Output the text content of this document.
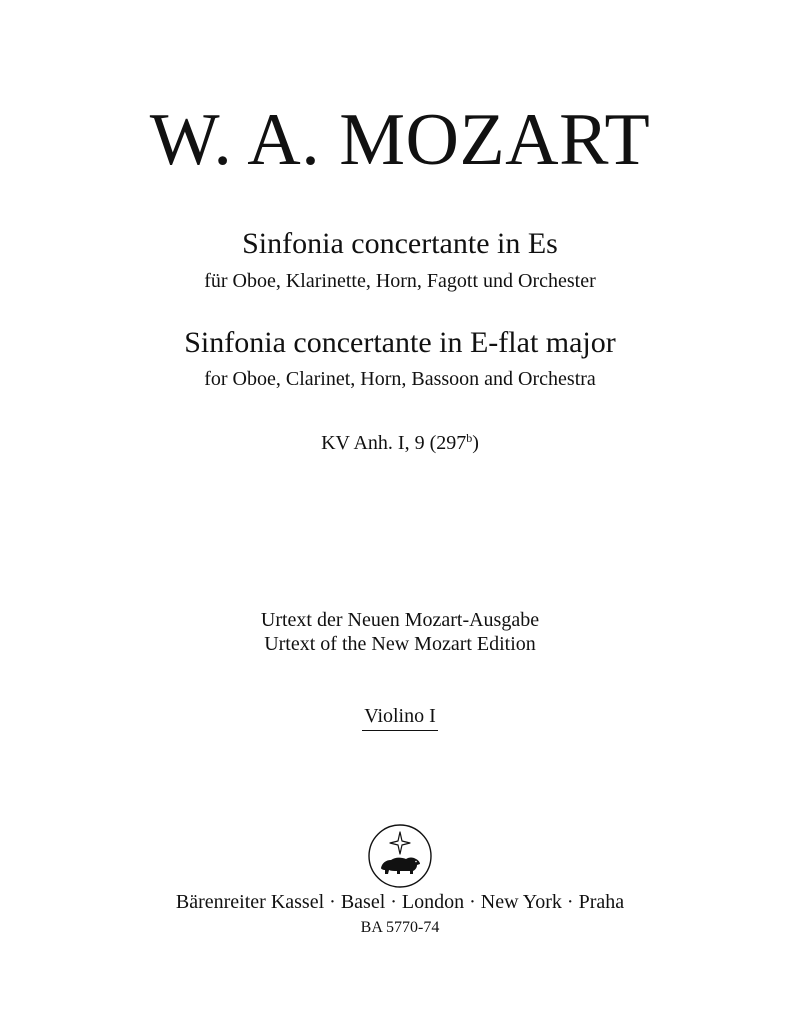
W. A. MOZART
Sinfonia concertante in Es
für Oboe, Klarinette, Horn, Fagott und Orchester
Sinfonia concertante in E-flat major
for Oboe, Clarinet, Horn, Bassoon and Orchestra
KV Anh. I, 9 (297$^b$)
Urtext der Neuen Mozart-Ausgabe
Urtext of the New Mozart Edition
Violino I
Bärenreiter Kassel · Basel · London · New York · Praha
BA 5770-74
